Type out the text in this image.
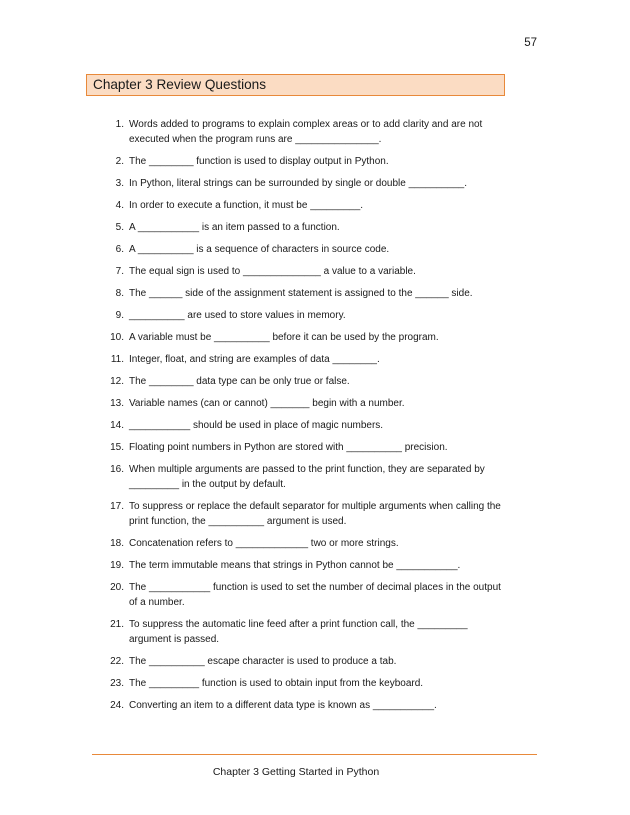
57
Chapter 3 Review Questions
1. Words added to programs to explain complex areas or to add clarity and are not executed when the program runs are _______________.
2. The ________ function is used to display output in Python.
3. In Python, literal strings can be surrounded by single or double __________.
4. In order to execute a function, it must be _________.
5. A ___________ is an item passed to a function.
6. A __________ is a sequence of characters in source code.
7. The equal sign is used to ______________ a value to a variable.
8. The ______ side of the assignment statement is assigned to the ______ side.
9. __________ are used to store values in memory.
10. A variable must be __________ before it can be used by the program.
11. Integer, float, and string are examples of data ________.
12. The ________ data type can be only true or false.
13. Variable names (can or cannot) _______ begin with a number.
14. ___________ should be used in place of magic numbers.
15. Floating point numbers in Python are stored with __________ precision.
16. When multiple arguments are passed to the print function, they are separated by _________ in the output by default.
17. To suppress or replace the default separator for multiple arguments when calling the print function, the __________ argument is used.
18. Concatenation refers to _____________ two or more strings.
19. The term immutable means that strings in Python cannot be ___________.
20. The ___________ function is used to set the number of decimal places in the output of a number.
21. To suppress the automatic line feed after a print function call, the _________ argument is passed.
22. The __________ escape character is used to produce a tab.
23. The _________ function is used to obtain input from the keyboard.
24. Converting an item to a different data type is known as ___________.
Chapter 3 Getting Started in Python
